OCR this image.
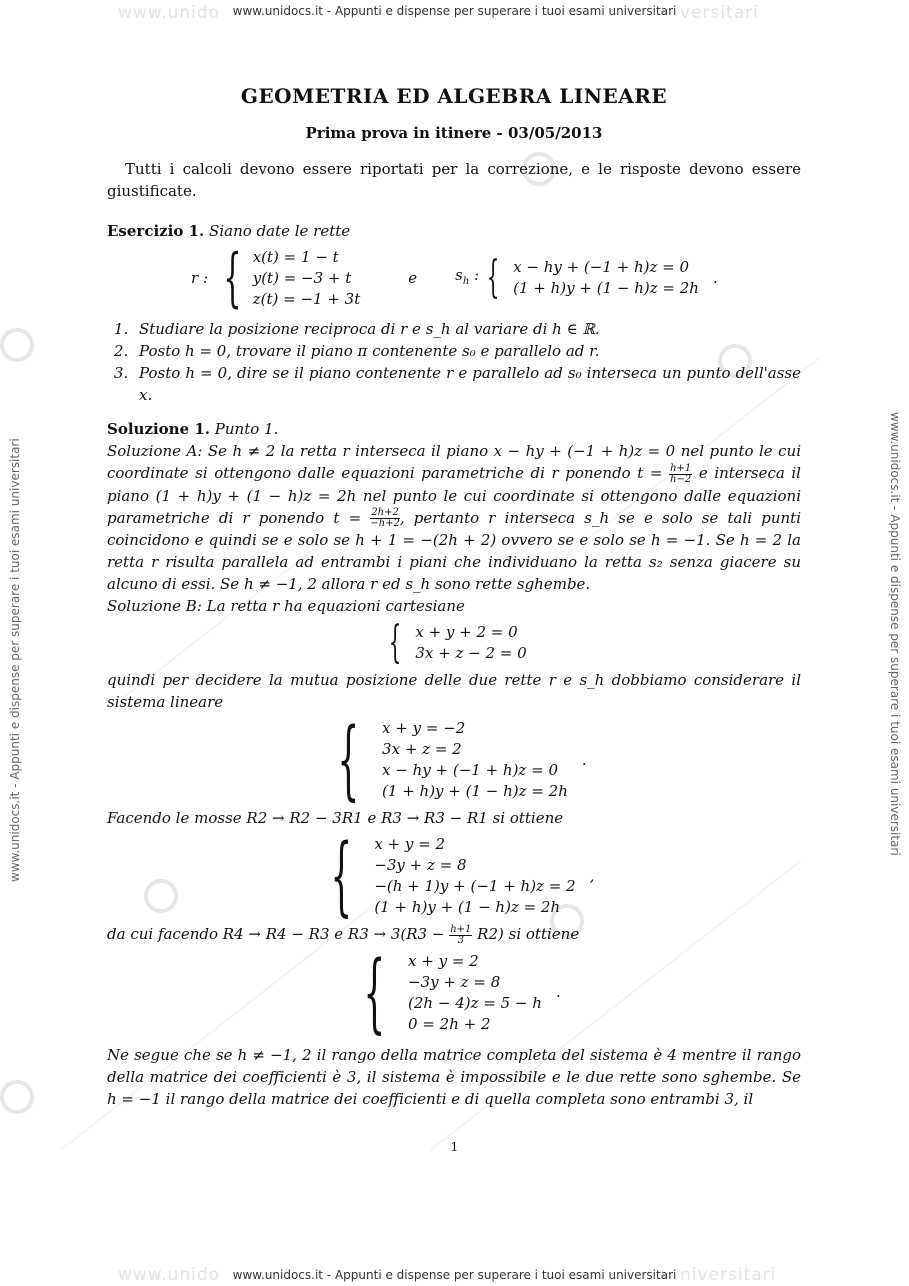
www.unido	versitari
www.unido	niversitari
www.unidocs.it - Appunti e dispense per superare i tuoi esami universitari
www.unidocs.it - Appunti e dispense per superare i tuoi esami universitari
www.unidocs.it - Appunti e dispense per superare i tuoi esami universitari	www.unidocs.it - Appunti e dispense per superare i tuoi esami universitari
GEOMETRIA ED ALGEBRA LINEARE
Prima prova in itinere - 03/05/2013

Tutti i calcoli devono essere riportati per la correzione, e le risposte devono essere giustificate.

Esercizio 1. Siano date le rette

r : { x(t) = 1 − t
y(t) = −3 + t
z(t) = −1 + 3t
e	$s_h$ : { x − hy + (−1 + h)z = 0
(1 + h)y + (1 − h)z = 2h
.
1. Studiare la posizione reciproca di r e s_h al variare di h ∈ ℝ.
2. Posto h = 0, trovare il piano π contenente s₀ e parallelo ad r.
3. Posto h = 0, dire se il piano contenente r e parallelo ad s₀ interseca un punto dell'asse x.

Soluzione 1. Punto 1.

Soluzione A: Se h ≠ 2 la retta r interseca il piano x − hy + (−1 + h)z = 0 nel punto le cui coordinate si ottengono dalle equazioni parametriche di r ponendo $t = \frac{h+1}{h-2}$ e interseca il piano (1 + h)y + (1 − h)z = 2h nel punto le cui coordinate si ottengono dalle equazioni parametriche di r ponendo $t = \frac{2h+2}{-h+2}$ , pertanto r interseca s_h se e solo se tali punti coincidono e quindi se e solo se h + 1 = −(2h + 2) ovvero se e solo se h = −1. Se h = 2 la retta r risulta parallela ad entrambi i piani che individuano la retta s₂ senza giacere su alcuno di essi. Se h ≠ −1, 2 allora r ed s_h sono rette sghembe.

Soluzione B: La retta r ha equazioni cartesiane

{ x + y + 2 = 0
3x + z − 2 = 0

quindi per decidere la mutua posizione delle due rette r e s_h dobbiamo considerare il sistema lineare

{ x + y = −2
3x + z = 2
x − hy + (−1 + h)z = 0
(1 + h)y + (1 − h)z = 2h
.

Facendo le mosse R2 → R2 − 3R1 e R3 → R3 − R1 si ottiene

{ x + y = 2
−3y + z = 8
−(h + 1)y + (−1 + h)z = 2
(1 + h)y + (1 − h)z = 2h
,

da cui facendo R4 → R4 − R3 e $R3 \to 3(R3 - \frac{h+1}{3} R2)$ si ottiene

{ x + y = 2
−3y + z = 8
(2h − 4)z = 5 − h
0 = 2h + 2
.

Ne segue che se h ≠ −1, 2 il rango della matrice completa del sistema è 4 mentre il rango della matrice dei coefficienti è 3, il sistema è impossibile e le due rette sono sghembe. Se h = −1 il rango della matrice dei coefficienti e di quella completa sono entrambi 3, il

1
